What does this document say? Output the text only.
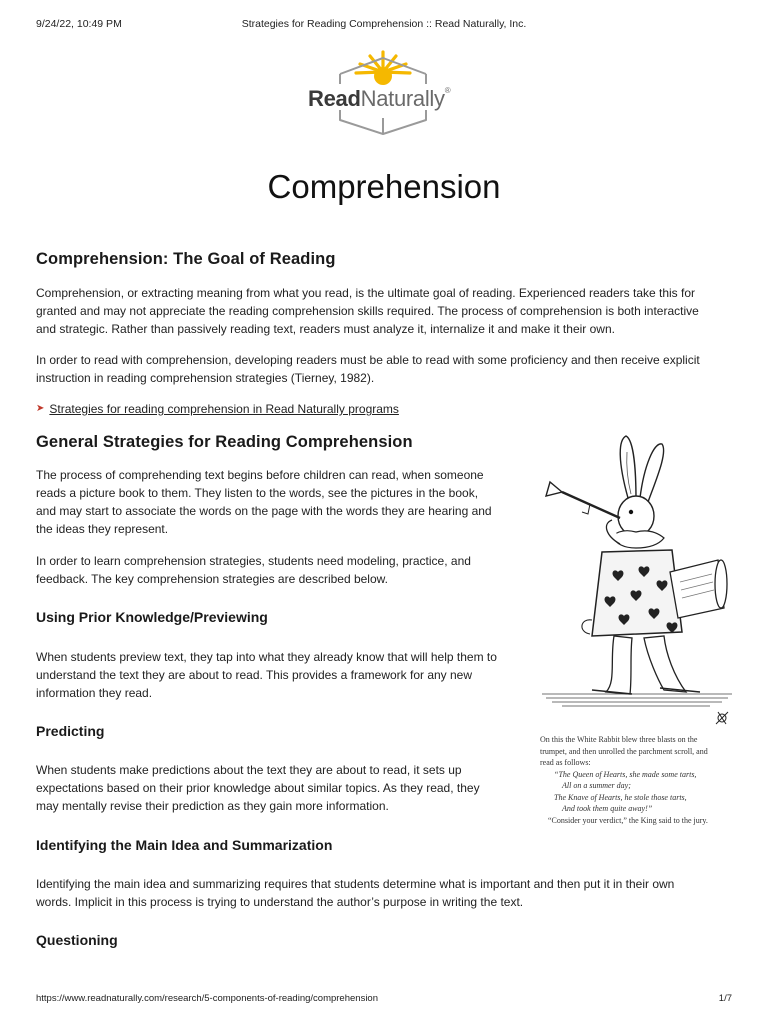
9/24/22, 10:49 PM	Strategies for Reading Comprehension :: Read Naturally, Inc.
ReadNaturally®
Comprehension
Comprehension: The Goal of Reading
Comprehension, or extracting meaning from what you read, is the ultimate goal of reading. Experienced readers take this for
granted and may not appreciate the reading comprehension skills required. The process of comprehension is both interactive
and strategic. Rather than passively reading text, readers must analyze it, internalize it and make it their own.
In order to read with comprehension, developing readers must be able to read with some proficiency and then receive explicit
instruction in reading comprehension strategies (Tierney, 1982).
➤ Strategies for reading comprehension in Read Naturally programs
General Strategies for Reading Comprehension
The process of comprehending text begins before children can read, when someone
reads a picture book to them. They listen to the words, see the pictures in the book,
and may start to associate the words on the page with the words they are hearing and
the ideas they represent.
In order to learn comprehension strategies, students need modeling, practice, and
feedback. The key comprehension strategies are described below.
Using Prior Knowledge/Previewing
When students preview text, they tap into what they already know that will help them to
understand the text they are about to read. This provides a framework for any new
information they read.
Predicting
When students make predictions about the text they are about to read, it sets up
expectations based on their prior knowledge about similar topics. As they read, they
may mentally revise their prediction as they gain more information.
Identifying the Main Idea and Summarization
Identifying the main idea and summarizing requires that students determine what is important and then put it in their own
words. Implicit in this process is trying to understand the author’s purpose in writing the text.
Questioning
On this the White Rabbit blew three blasts on the
trumpet, and then unrolled the parchment scroll, and
read as follows:
“The Queen of Hearts, she made some tarts,
All on a summer day;
The Knave of Hearts, he stole those tarts,
And took them quite away!”
“Consider your verdict,” the King said to the jury.
https://www.readnaturally.com/research/5-components-of-reading/comprehension	1/7
